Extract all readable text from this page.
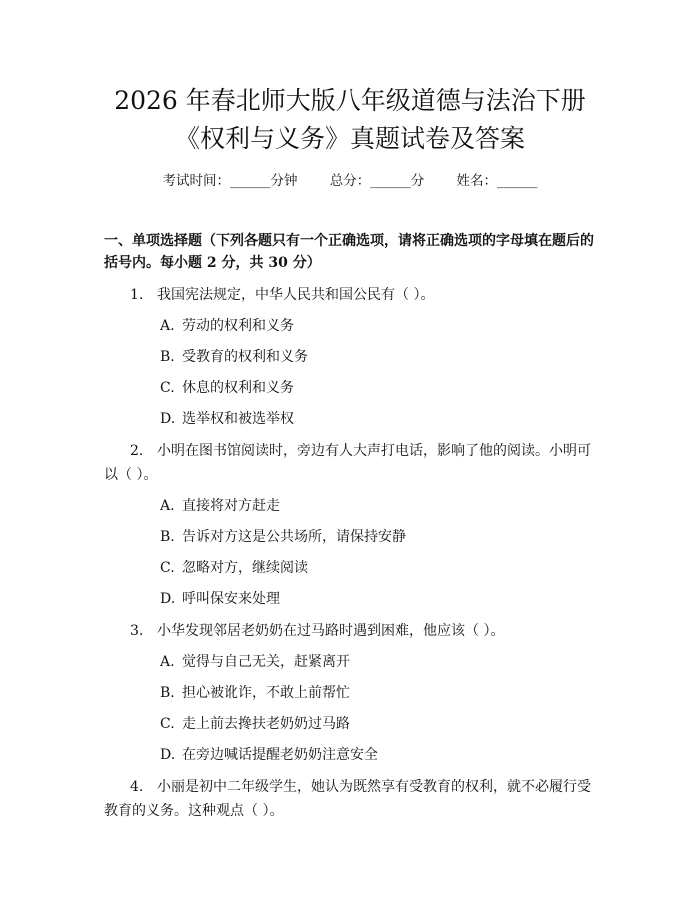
2026 年春北师大版八年级道德与法治下册
《权利与义务》真题试卷及答案
考试时间：______分钟 总分：______分 姓名：______
一、单项选择题（下列各题只有一个正确选项，请将正确选项的字母填在题后的括号内。每小题 2 分，共 30 分）

1. 我国宪法规定，中华人民共和国公民有（ ）。

A. 劳动的权利和义务

B. 受教育的权利和义务

C. 休息的权利和义务

D. 选举权和被选举权

2. 小明在图书馆阅读时，旁边有人大声打电话，影响了他的阅读。小明可以（ ）。

A. 直接将对方赶走

B. 告诉对方这是公共场所，请保持安静

C. 忽略对方，继续阅读

D. 呼叫保安来处理

3. 小华发现邻居老奶奶在过马路时遇到困难，他应该（ ）。

A. 觉得与自己无关，赶紧离开

B. 担心被讹诈，不敢上前帮忙

C. 走上前去搀扶老奶奶过马路

D. 在旁边喊话提醒老奶奶注意安全

4. 小丽是初中二年级学生，她认为既然享有受教育的权利，就不必履行受教育的义务。这种观点（ ）。
